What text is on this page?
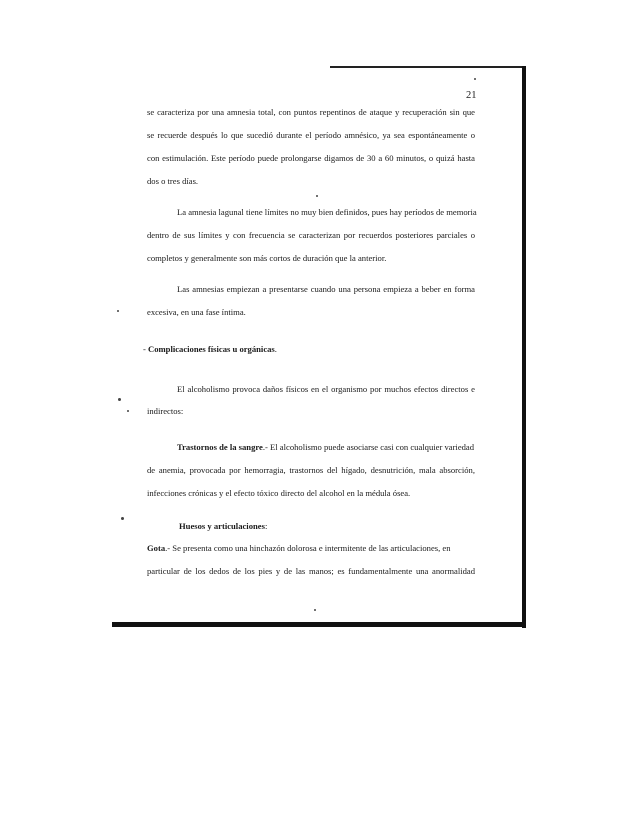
21
se caracteriza por una amnesia total, con puntos repentinos de ataque y recuperación sin que
se recuerde después lo que sucedió durante el período amnésico, ya sea espontáneamente o
con estimulación. Este período puede prolongarse digamos de 30 a 60 minutos, o quizá hasta
dos o tres días.
La amnesia lagunal tiene límites no muy bien definidos, pues hay períodos de memoria
dentro de sus límites y con frecuencia se caracterizan por recuerdos posteriores parciales o
completos y generalmente son más cortos de duración que la anterior.
Las amnesias empiezan a presentarse cuando una persona empieza a beber en forma
excesiva, en una fase íntima.
- Complicaciones físicas u orgánicas.
El alcoholismo provoca daños físicos en el organismo por muchos efectos directos e
indirectos:
Trastornos de la sangre.- El alcoholismo puede asociarse casi con cualquier variedad
de anemia, provocada por hemorragia, trastornos del hígado, desnutrición, mala absorción,
infecciones crónicas y el efecto tóxico directo del alcohol en la médula ósea.
Huesos y articulaciones:
Gota.- Se presenta como una hinchazón dolorosa e intermitente de las articulaciones, en
particular de los dedos de los pies y de las manos; es fundamentalmente una anormalidad
